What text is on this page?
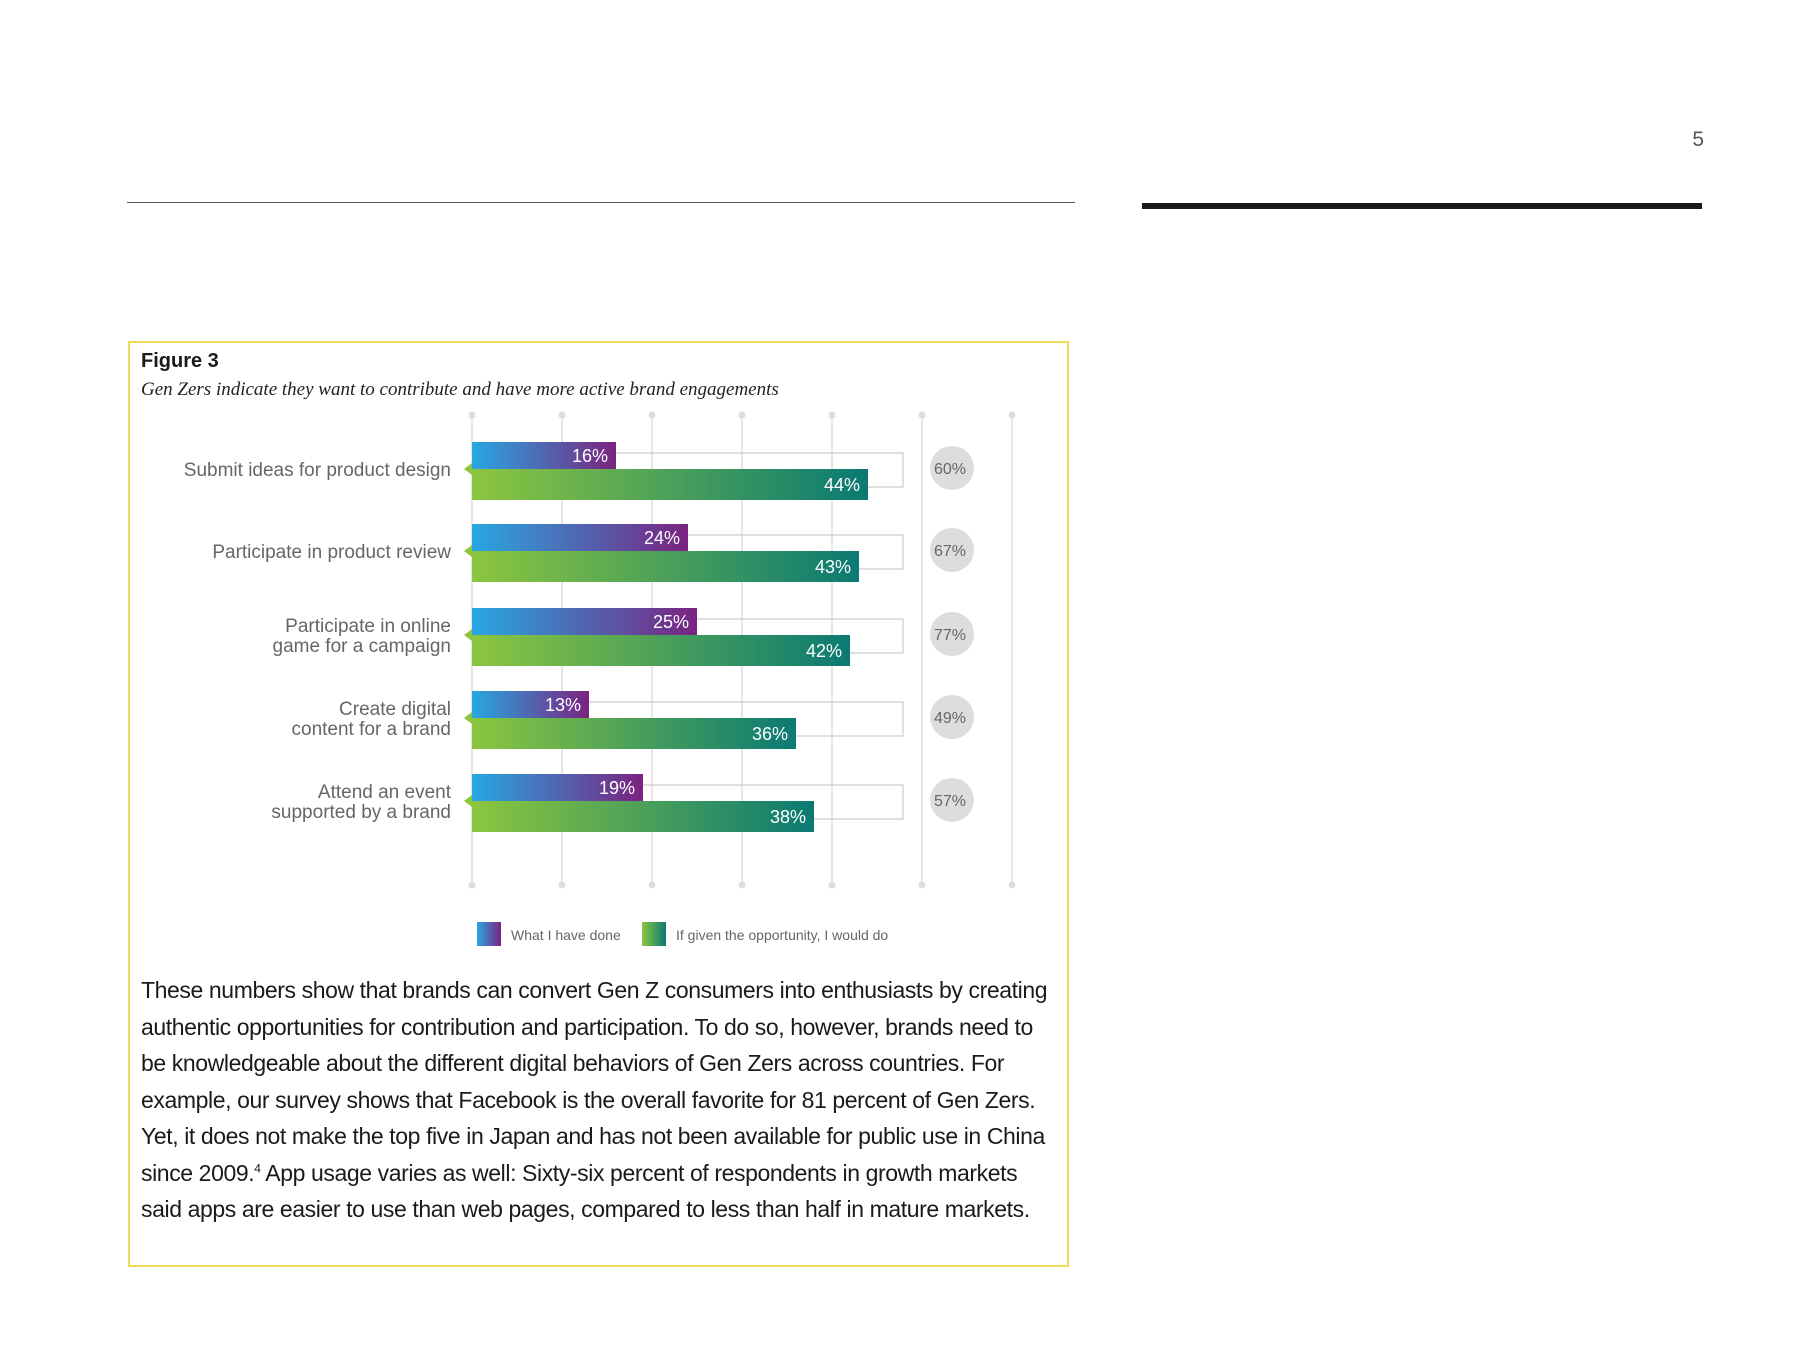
5
Figure 3
Gen Zers indicate they want to contribute and have more active brand engagements
Submit ideas for product design
16%
44%
60%
Participate in product review
24%
43%
67%
Participate in online
game for a campaign
25%
42%
77%
Create digital
content for a brand
13%
36%
49%
Attend an event
supported by a brand
19%
38%
57%
What I have done	If given the opportunity, I would do

These numbers show that brands can convert Gen Z consumers into enthusiasts by creating authentic opportunities for contribution and participation. To do so, however, brands need to be knowledgeable about the different digital behaviors of Gen Zers across countries. For example, our survey shows that Facebook is the overall favorite for 81 percent of Gen Zers. Yet, it does not make the top five in Japan and has not been available for public use in China since 2009.$^4$ App usage varies as well: Sixty-six percent of respondents in growth markets said apps are easier to use than web pages, compared to less than half in mature markets.
